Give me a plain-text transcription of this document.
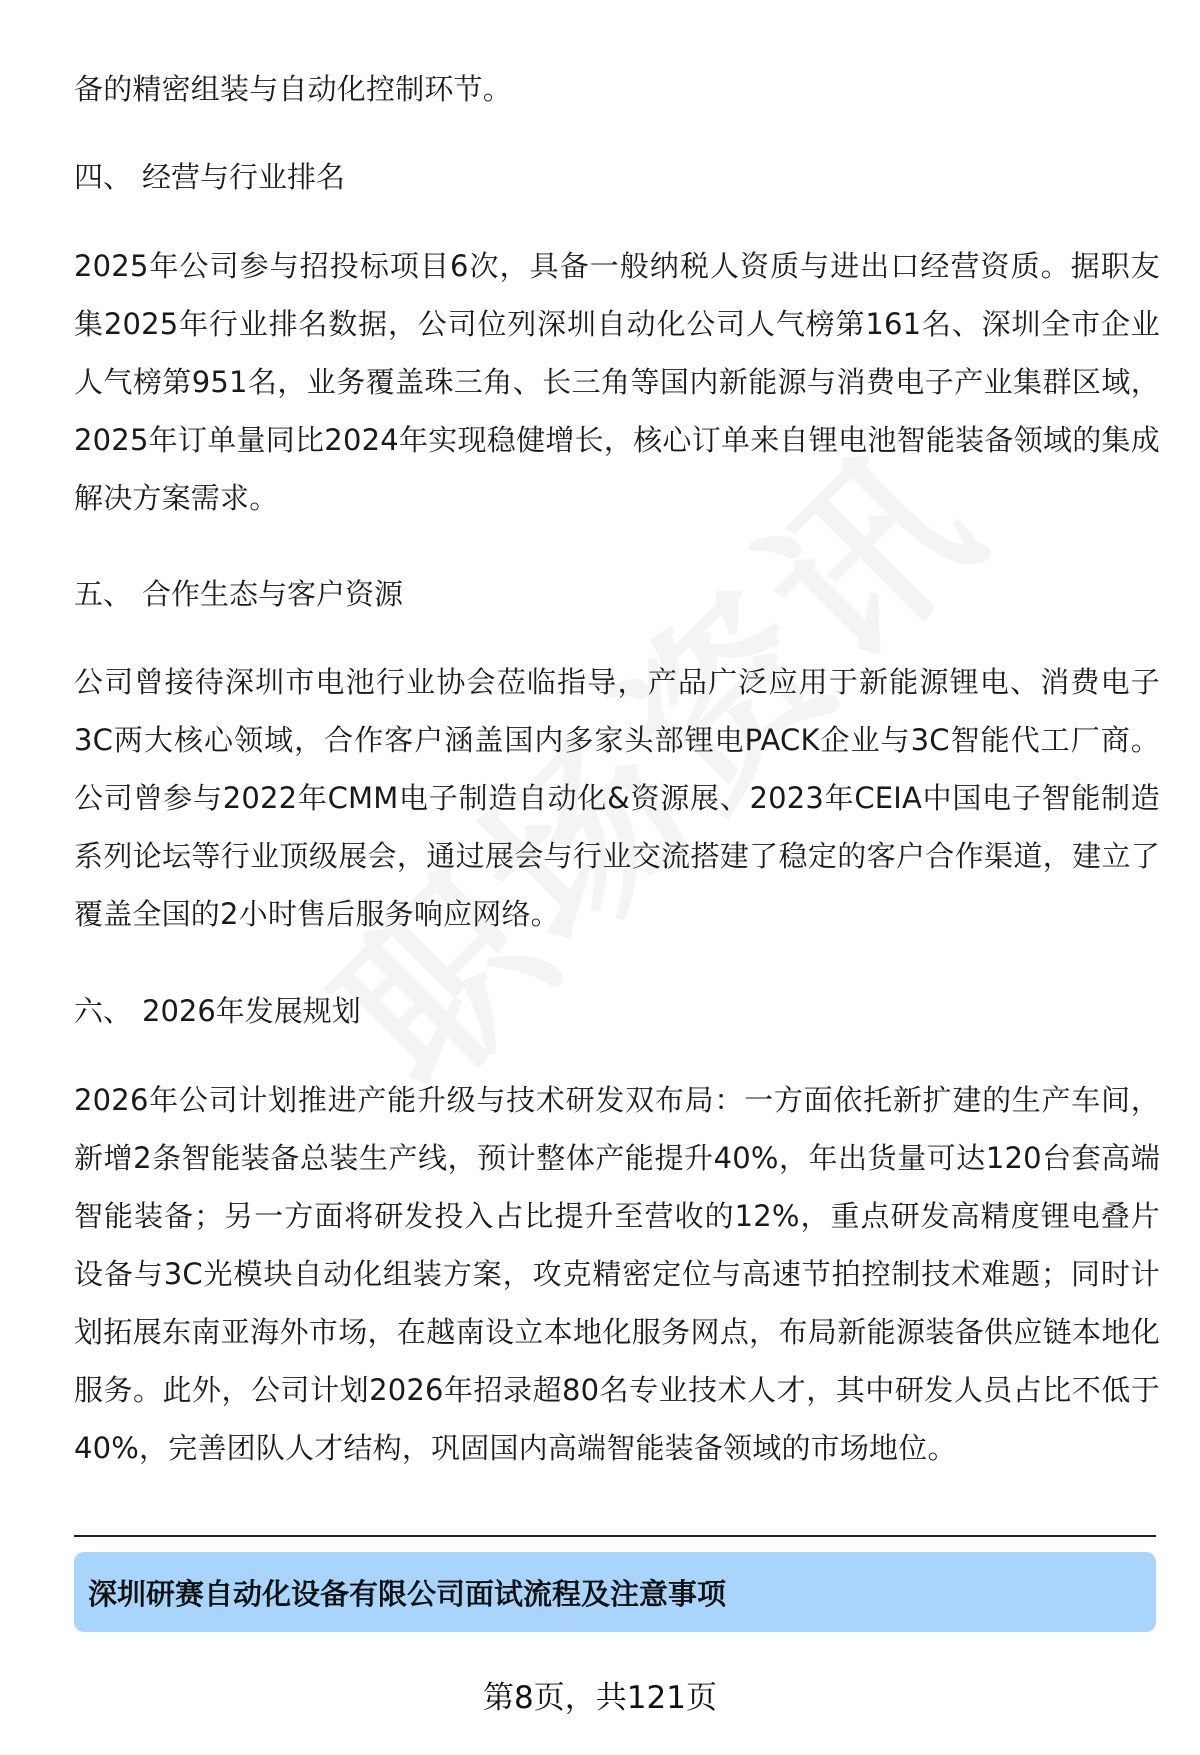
备的精密组装与自动化控制环节。

四、 经营与行业排名

2025年公司参与招投标项目6次，具备一般纳税人资质与进出口经营资质。据职友集2025年行业排名数据，公司位列深圳自动化公司人气榜第161名、深圳全市企业人气榜第951名，业务覆盖珠三角、长三角等国内新能源与消费电子产业集群区域，2025年订单量同比2024年实现稳健增长，核心订单来自锂电池智能装备领域的集成解决方案需求。

五、 合作生态与客户资源

公司曾接待深圳市电池行业协会莅临指导，产品广泛应用于新能源锂电、消费电子3C两大核心领域，合作客户涵盖国内多家头部锂电PACK企业与3C智能代工厂商。公司曾参与2022年CMM电子制造自动化&资源展、2023年CEIA中国电子智能制造系列论坛等行业顶级展会，通过展会与行业交流搭建了稳定的客户合作渠道，建立了覆盖全国的2小时售后服务响应网络。

六、 2026年发展规划

2026年公司计划推进产能升级与技术研发双布局：一方面依托新扩建的生产车间，新增2条智能装备总装生产线，预计整体产能提升40%，年出货量可达120台套高端智能装备；另一方面将研发投入占比提升至营收的12%，重点研发高精度锂电叠片设备与3C光模块自动化组装方案，攻克精密定位与高速节拍控制技术难题；同时计划拓展东南亚海外市场，在越南设立本地化服务网点，布局新能源装备供应链本地化服务。此外，公司计划2026年招录超80名专业技术人才，其中研发人员占比不低于40%，完善团队人才结构，巩固国内高端智能装备领域的市场地位。

深圳研赛自动化设备有限公司面试流程及注意事项
第8页，共121页
